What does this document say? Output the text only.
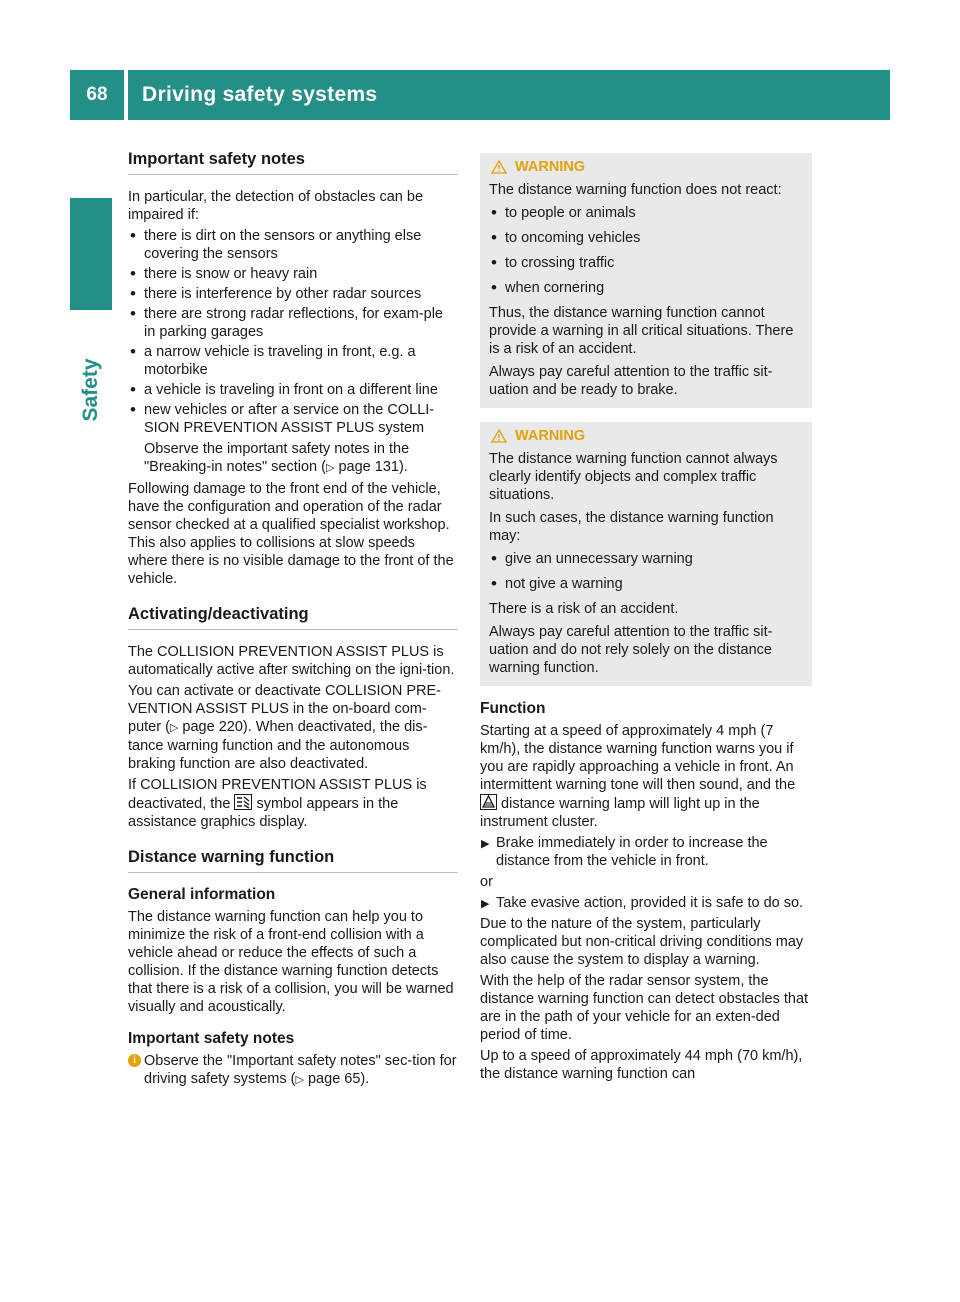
68	Driving safety systems
Safety
Important safety notes
In particular, the detection of obstacles can be impaired if:
• there is dirt on the sensors or anything else covering the sensors
• there is snow or heavy rain
• there is interference by other radar sources
• there are strong radar reflections, for exam-ple in parking garages
• a narrow vehicle is traveling in front, e.g. a motorbike
• a vehicle is traveling in front on a different line
• new vehicles or after a service on the COLLI-SION PREVENTION ASSIST PLUS system
Observe the important safety notes in the "Breaking-in notes" section (▷ page 131).
Following damage to the front end of the vehicle, have the configuration and operation of the radar sensor checked at a qualified specialist workshop. This also applies to collisions at slow speeds where there is no visible damage to the front of the vehicle.
Activating/deactivating
The COLLISION PREVENTION ASSIST PLUS is automatically active after switching on the igni-tion.
You can activate or deactivate COLLISION PRE-VENTION ASSIST PLUS in the on-board com-puter (▷ page 220). When deactivated, the dis-tance warning function and the autonomous braking function are also deactivated.
If COLLISION PREVENTION ASSIST PLUS is deactivated, the symbol appears in the assistance graphics display.
Distance warning function
General information
The distance warning function can help you to minimize the risk of a front-end collision with a vehicle ahead or reduce the effects of such a collision. If the distance warning function detects that there is a risk of a collision, you will be warned visually and acoustically.
Important safety notes
i Observe the "Important safety notes" sec-tion for driving safety systems (▷ page 65).
WARNING
The distance warning function does not react:
• to people or animals
• to oncoming vehicles
• to crossing traffic
• when cornering
Thus, the distance warning function cannot provide a warning in all critical situations. There is a risk of an accident.
Always pay careful attention to the traffic sit-uation and be ready to brake.
WARNING
The distance warning function cannot always clearly identify objects and complex traffic situations.
In such cases, the distance warning function may:
• give an unnecessary warning
• not give a warning
There is a risk of an accident.
Always pay careful attention to the traffic sit-uation and do not rely solely on the distance warning function.
Function
Starting at a speed of approximately 4 mph (7 km/h), the distance warning function warns you if you are rapidly approaching a vehicle in front. An intermittent warning tone will then sound, and the  distance warning lamp will light up in the instrument cluster.
▶ Brake immediately in order to increase the distance from the vehicle in front.
or
▶ Take evasive action, provided it is safe to do so.
Due to the nature of the system, particularly complicated but non-critical driving conditions may also cause the system to display a warning.
With the help of the radar sensor system, the distance warning function can detect obstacles that are in the path of your vehicle for an exten-ded period of time.
Up to a speed of approximately 44 mph (70 km/h), the distance warning function can
